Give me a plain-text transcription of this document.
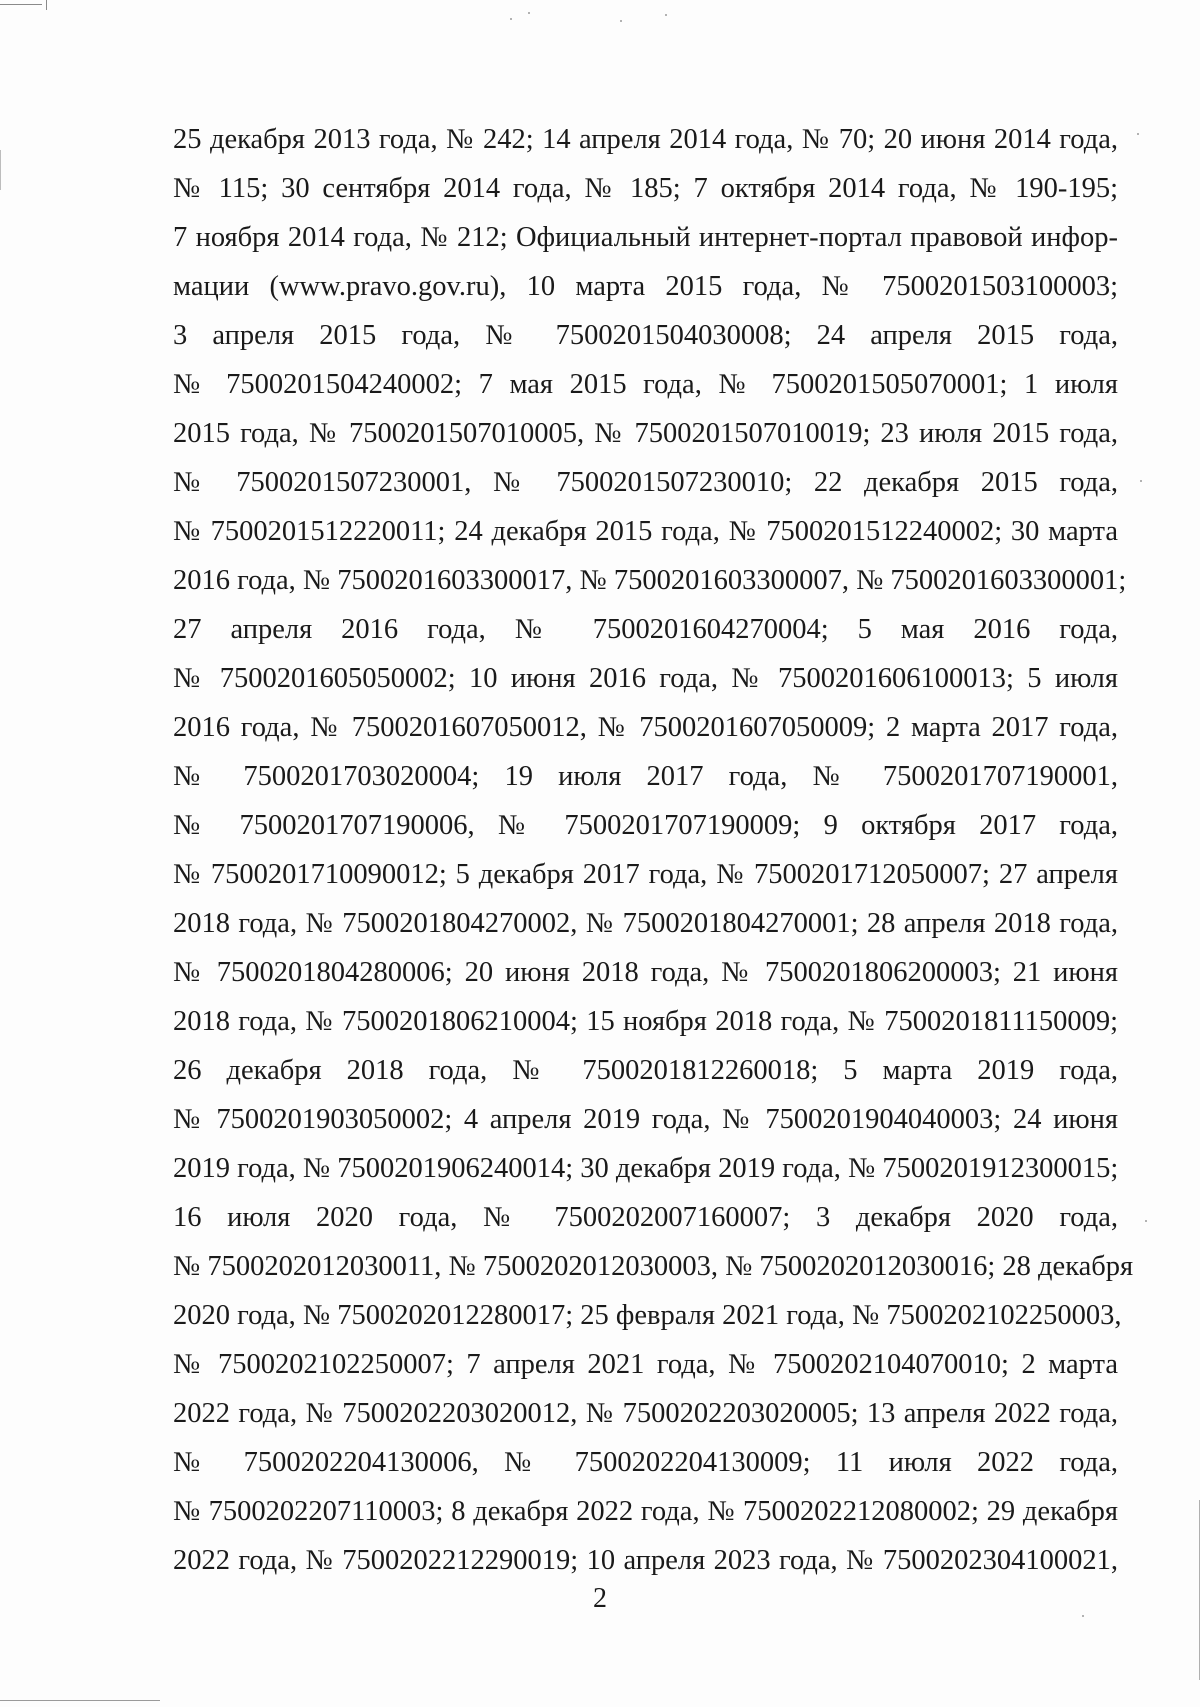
25 декабря 2013 года, № 242; 14 апреля 2014 года, № 70; 20 июня 2014 года,
№ 115; 30 сентября 2014 года, № 185; 7 октября 2014 года, № 190-195;
7 ноября 2014 года, № 212; Официальный интернет-портал правовой инфор-
мации (www.pravo.gov.ru), 10 марта 2015 года, № 7500201503100003;
3 апреля 2015 года, № 7500201504030008; 24 апреля 2015 года,
№ 7500201504240002; 7 мая 2015 года, № 7500201505070001; 1 июля
2015 года, № 7500201507010005, № 7500201507010019; 23 июля 2015 года,
№ 7500201507230001, № 7500201507230010; 22 декабря 2015 года,
№ 7500201512220011; 24 декабря 2015 года, № 7500201512240002; 30 марта
2016 года, № 7500201603300017, № 7500201603300007, № 7500201603300001;
27 апреля 2016 года, № 7500201604270004; 5 мая 2016 года,
№ 7500201605050002; 10 июня 2016 года, № 7500201606100013; 5 июля
2016 года, № 7500201607050012, № 7500201607050009; 2 марта 2017 года,
№ 7500201703020004; 19 июля 2017 года, № 7500201707190001,
№ 7500201707190006, № 7500201707190009; 9 октября 2017 года,
№ 7500201710090012; 5 декабря 2017 года, № 7500201712050007; 27 апреля
2018 года, № 7500201804270002, № 7500201804270001; 28 апреля 2018 года,
№ 7500201804280006; 20 июня 2018 года, № 7500201806200003; 21 июня
2018 года, № 7500201806210004; 15 ноября 2018 года, № 7500201811150009;
26 декабря 2018 года, № 7500201812260018; 5 марта 2019 года,
№ 7500201903050002; 4 апреля 2019 года, № 7500201904040003; 24 июня
2019 года, № 7500201906240014; 30 декабря 2019 года, № 7500201912300015;
16 июля 2020 года, № 7500202007160007; 3 декабря 2020 года,
№ 7500202012030011, № 7500202012030003, № 7500202012030016; 28 декабря
2020 года, № 7500202012280017; 25 февраля 2021 года, № 7500202102250003,
№ 7500202102250007; 7 апреля 2021 года, № 7500202104070010; 2 марта
2022 года, № 7500202203020012, № 7500202203020005; 13 апреля 2022 года,
№ 7500202204130006, № 7500202204130009; 11 июля 2022 года,
№ 7500202207110003; 8 декабря 2022 года, № 7500202212080002; 29 декабря
2022 года, № 7500202212290019; 10 апреля 2023 года, № 7500202304100021,
2
